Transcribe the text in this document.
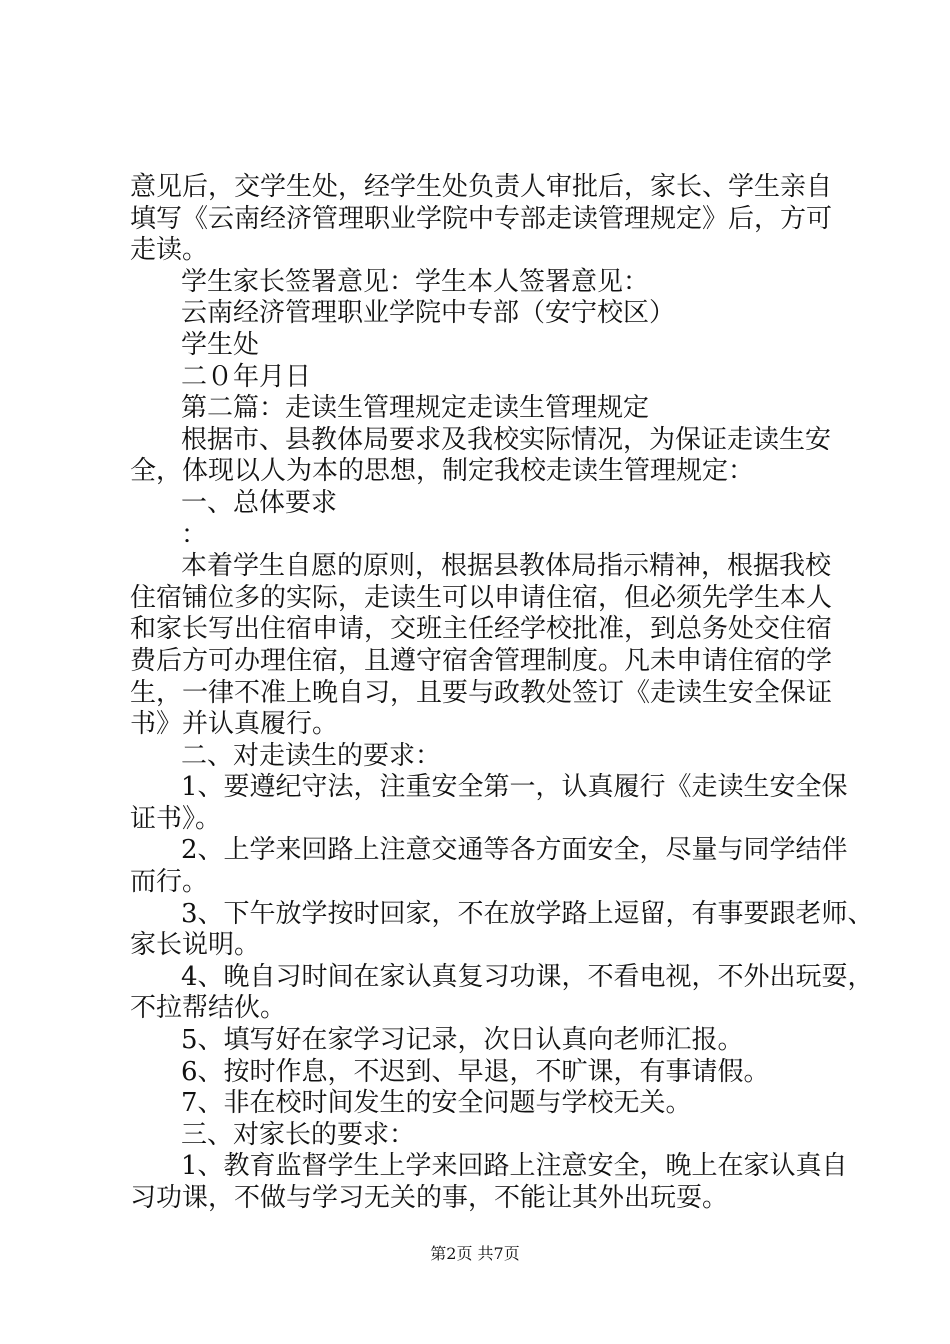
意见后，交学生处，经学生处负责人审批后，家长、学生亲自
填写《云南经济管理职业学院中专部走读管理规定》后，方可
走读。
学生家长签署意见：学生本人签署意见：
云南经济管理职业学院中专部（安宁校区）
学生处
二０年月日
第二篇：走读生管理规定走读生管理规定
根据市、县教体局要求及我校实际情况，为保证走读生安
全，体现以人为本的思想，制定我校走读生管理规定：
一、总体要求
：
本着学生自愿的原则，根据县教体局指示精神，根据我校
住宿铺位多的实际，走读生可以申请住宿，但必须先学生本人
和家长写出住宿申请，交班主任经学校批准，到总务处交住宿
费后方可办理住宿，且遵守宿舍管理制度。凡未申请住宿的学
生，一律不准上晚自习，且要与政教处签订《走读生安全保证
书》并认真履行。
二、对走读生的要求：
1、要遵纪守法，注重安全第一，认真履行《走读生安全保
证书》。
2、上学来回路上注意交通等各方面安全，尽量与同学结伴
而行。
3、下午放学按时回家，不在放学路上逗留，有事要跟老师、
家长说明。
4、晚自习时间在家认真复习功课，不看电视，不外出玩耍，
不拉帮结伙。
5、填写好在家学习记录，次日认真向老师汇报。
6、按时作息，不迟到、早退，不旷课，有事请假。
7、非在校时间发生的安全问题与学校无关。
三、对家长的要求：
1、教育监督学生上学来回路上注意安全，晚上在家认真自
习功课，不做与学习无关的事，不能让其外出玩耍。
第2页 共7页
